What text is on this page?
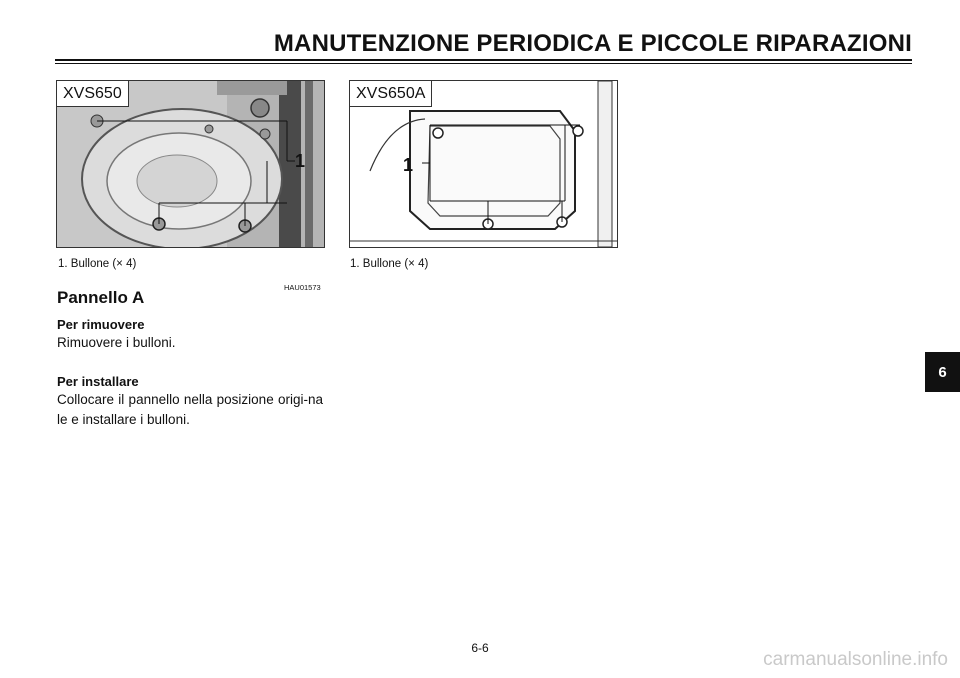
MANUTENZIONE PERIODICA E PICCOLE RIPARAZIONI
1
XVS650
1. Bullone (× 4)
1
XVS650A
1. Bullone (× 4)
HAU01573
Pannello A
Per rimuovere
Rimuovere i bulloni.
Per installare
Collocare il pannello nella posizione origi-nale e installare i bulloni.
6
6-6
carmanualsonline.info
